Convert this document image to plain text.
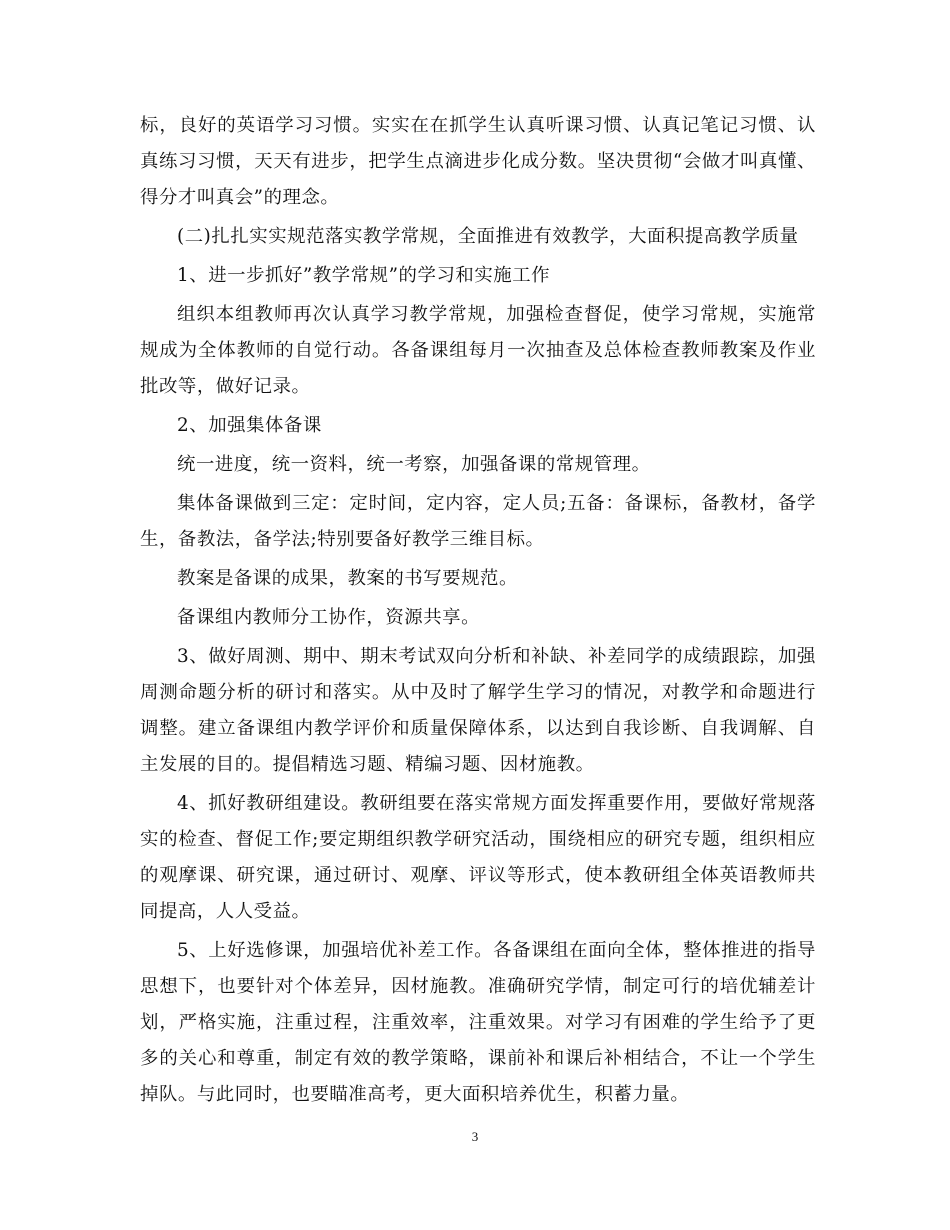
标，良好的英语学习习惯。实实在在抓学生认真听课习惯、认真记笔记习惯、认真练习习惯，天天有进步，把学生点滴进步化成分数。坚决贯彻“会做才叫真懂、得分才叫真会”的理念。

(二)扎扎实实规范落实教学常规，全面推进有效教学，大面积提高教学质量

1、进一步抓好”教学常规”的学习和实施工作

组织本组教师再次认真学习教学常规，加强检查督促，使学习常规，实施常规成为全体教师的自觉行动。各备课组每月一次抽查及总体检查教师教案及作业批改等，做好记录。

2、加强集体备课

统一进度，统一资料，统一考察，加强备课的常规管理。

集体备课做到三定：定时间，定内容，定人员;五备：备课标，备教材，备学生，备教法，备学法;特别要备好教学三维目标。

教案是备课的成果，教案的书写要规范。

备课组内教师分工协作，资源共享。

3、做好周测、期中、期末考试双向分析和补缺、补差同学的成绩跟踪，加强周测命题分析的研讨和落实。从中及时了解学生学习的情况，对教学和命题进行调整。建立备课组内教学评价和质量保障体系，以达到自我诊断、自我调解、自主发展的目的。提倡精选习题、精编习题、因材施教。

4、抓好教研组建设。教研组要在落实常规方面发挥重要作用，要做好常规落实的检查、督促工作;要定期组织教学研究活动，围绕相应的研究专题，组织相应的观摩课、研究课，通过研讨、观摩、评议等形式，使本教研组全体英语教师共同提高，人人受益。

5、上好选修课，加强培优补差工作。各备课组在面向全体，整体推进的指导思想下，也要针对个体差异，因材施教。准确研究学情，制定可行的培优辅差计划，严格实施，注重过程，注重效率，注重效果。对学习有困难的学生给予了更多的关心和尊重，制定有效的教学策略，课前补和课后补相结合，不让一个学生掉队。与此同时，也要瞄准高考，更大面积培养优生，积蓄力量。

3
